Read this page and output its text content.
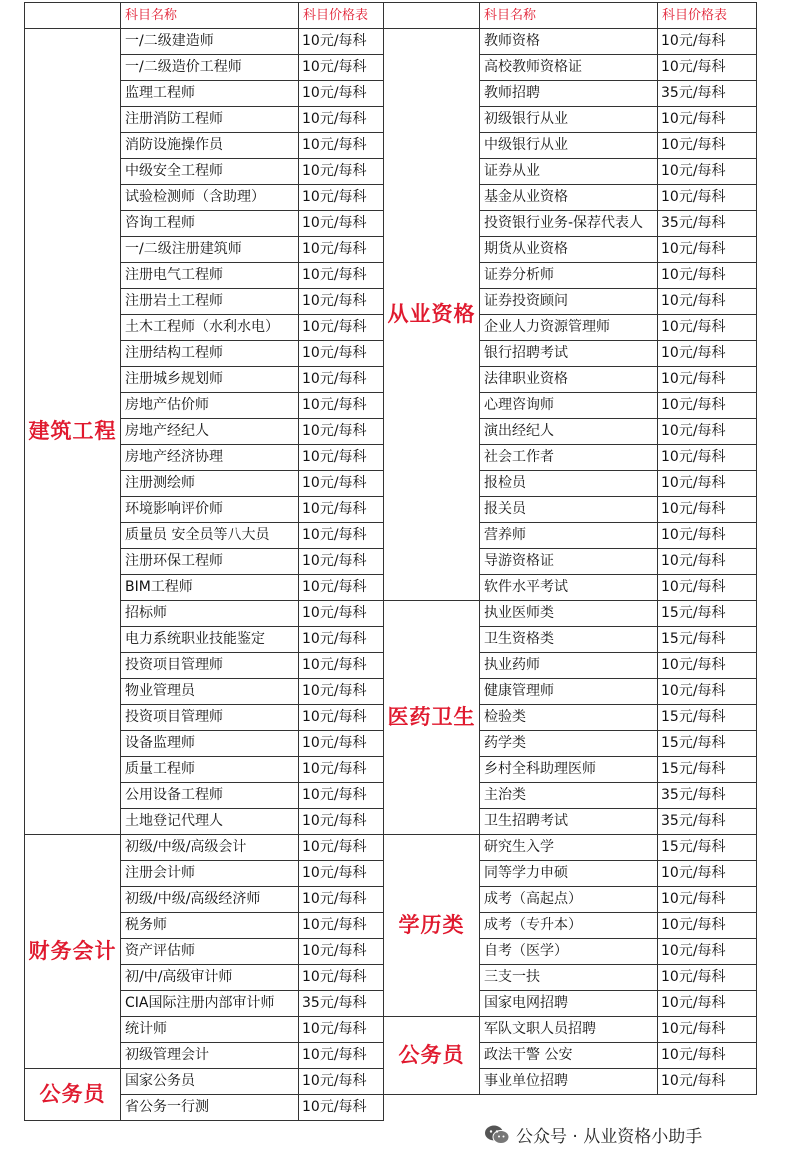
	科目名称	科目价格表
建筑工程	一/二级建造师	10元/每科
	一/二级造价工程师	10元/每科
	监理工程师	10元/每科
	注册消防工程师	10元/每科
	消防设施操作员	10元/每科
	中级安全工程师	10元/每科
	试验检测师（含助理）	10元/每科
	咨询工程师	10元/每科
	一/二级注册建筑师	10元/每科
	注册电气工程师	10元/每科
	注册岩土工程师	10元/每科
	土木工程师（水利水电）	10元/每科
	注册结构工程师	10元/每科
	注册城乡规划师	10元/每科
	房地产估价师	10元/每科
	房地产经纪人	10元/每科
	房地产经济协理	10元/每科
	注册测绘师	10元/每科
	环境影响评价师	10元/每科
	质量员 安全员等八大员	10元/每科
	注册环保工程师	10元/每科
	BIM工程师	10元/每科
	招标师	10元/每科
	电力系统职业技能鉴定	10元/每科
	投资项目管理师	10元/每科
	物业管理员	10元/每科
	投资项目管理师	10元/每科
	设备监理师	10元/每科
	质量工程师	10元/每科
	公用设备工程师	10元/每科
	土地登记代理人	10元/每科
财务会计	初级/中级/高级会计	10元/每科
	注册会计师	10元/每科
	初级/中级/高级经济师	10元/每科
	税务师	10元/每科
	资产评估师	10元/每科
	初/中/高级审计师	10元/每科
	CIA国际注册内部审计师	35元/每科
	统计师	10元/每科
	初级管理会计	10元/每科
公务员	国家公务员	10元/每科
	省公务一行测	10元/每科
	科目名称	科目价格表
从业资格	教师资格	10元/每科
	高校教师资格证	10元/每科
	教师招聘	35元/每科
	初级银行从业	10元/每科
	中级银行从业	10元/每科
	证券从业	10元/每科
	基金从业资格	10元/每科
	投资银行业务-保荐代表人	35元/每科
	期货从业资格	10元/每科
	证券分析师	10元/每科
	证券投资顾问	10元/每科
	企业人力资源管理师	10元/每科
	银行招聘考试	10元/每科
	法律职业资格	10元/每科
	心理咨询师	10元/每科
	演出经纪人	10元/每科
	社会工作者	10元/每科
	报检员	10元/每科
	报关员	10元/每科
	营养师	10元/每科
	导游资格证	10元/每科
	软件水平考试	10元/每科
医药卫生	执业医师类	15元/每科
	卫生资格类	15元/每科
	执业药师	10元/每科
	健康管理师	10元/每科
	检验类	15元/每科
	药学类	15元/每科
	乡村全科助理医师	15元/每科
	主治类	35元/每科
	卫生招聘考试	35元/每科
学历类	研究生入学	15元/每科
	同等学力申硕	10元/每科
	成考（高起点）	10元/每科
	成考（专升本）	10元/每科
	自考（医学）	10元/每科
	三支一扶	10元/每科
	国家电网招聘	10元/每科
公务员	军队文职人员招聘	10元/每科
	政法干警 公安	10元/每科
	事业单位招聘	10元/每科
公众号 · 从业资格小助手
